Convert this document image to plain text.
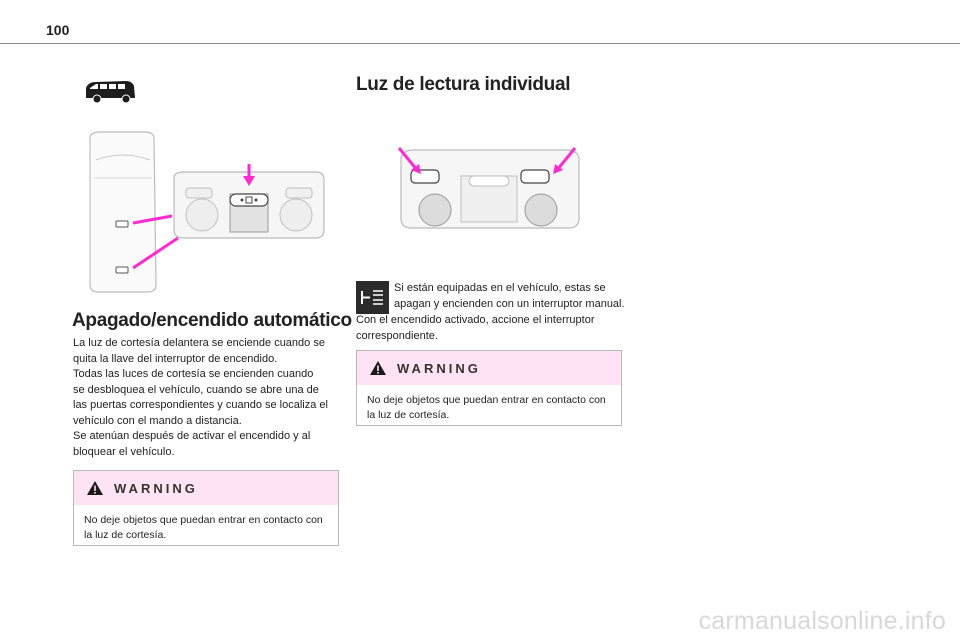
100
Apagado/encendido automático
La luz de cortesía delantera se enciende cuando se
quita la llave del interruptor de encendido.
Todas las luces de cortesía se encienden cuando
se desbloquea el vehículo, cuando se abre una de
las puertas correspondientes y cuando se localiza el
vehículo con el mando a distancia.
Se atenúan después de activar el encendido y al
bloquear el vehículo.
WARNING
No deje objetos que puedan entrar en contacto con
la luz de cortesía.
Luz de lectura individual
Si están equipadas en el vehículo, estas se
apagan y encienden con un interruptor manual.
Con el encendido activado, accione el interruptor
correspondiente.
WARNING
No deje objetos que puedan entrar en contacto con
la luz de cortesía.
carmanualsonline.info
